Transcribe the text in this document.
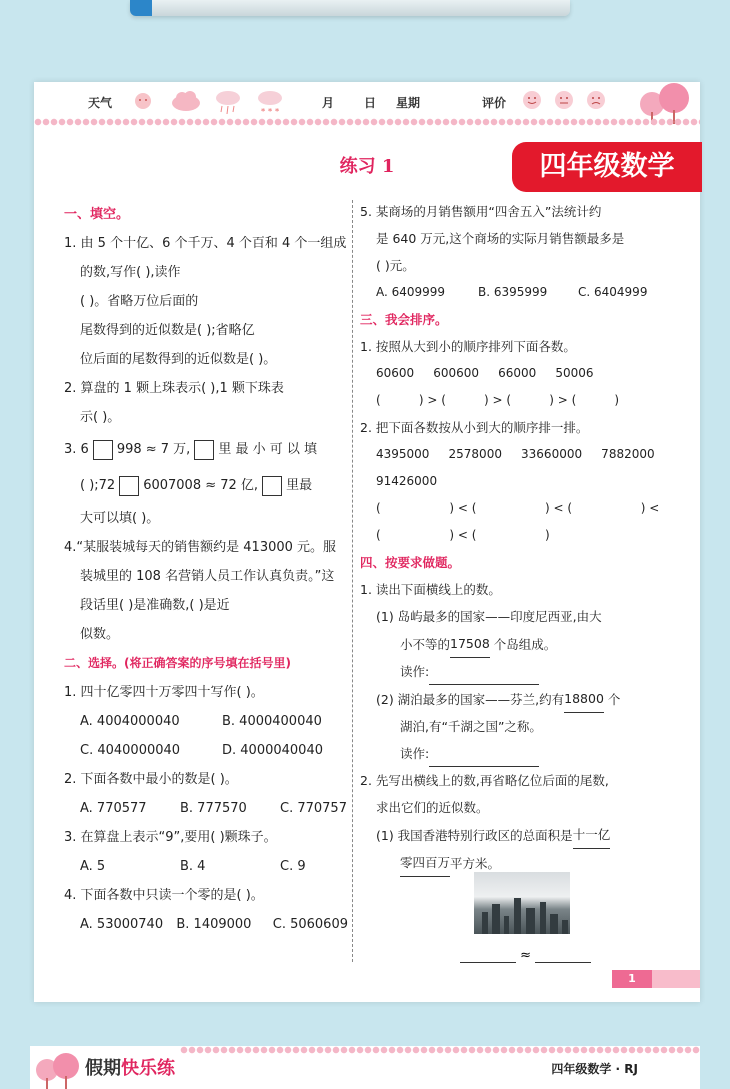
天气
* * *
月 日 星期	评价
练习 1	四年级数学

一、填空。

1. 由 5 个十亿、6 个千万、4 个百和 4 个一组成

的数,写作( ),读作

( )。省略万位后面的

尾数得到的近似数是( );省略亿

位后面的尾数得到的近似数是( )。

2. 算盘的 1 颗上珠表示( ),1 颗下珠表

示( )。

3. 6 998 ≈ 7 万, 里 最 小 可 以 填

( );72 6007008 ≈ 72 亿, 里最

大可以填( )。

4.“某服装城每天的销售额约是 413000 元。服

装城里的 108 名营销人员工作认真负责。”这

段话里( )是准确数,( )是近

似数。

二、选择。(将正确答案的序号填在括号里)

1. 四十亿零四十万零四十写作( )。

A. 4004000040	B. 4000400040
C. 4040000040	D. 4000040040

2. 下面各数中最小的数是( )。

A. 770577	B. 777570	C. 770757

3. 在算盘上表示“9”,要用( )颗珠子。

A. 5	B. 4	C. 9

4. 下面各数中只读一个零的是( )。

A. 53000740	B. 1409000	C. 5060609

5. 某商场的月销售额用“四舍五入”法统计约

是 640 万元,这个商场的实际月销售额最多是

( )元。

A. 6409999	B. 6395999	C. 6404999

三、我会排序。

1. 按照从大到小的顺序排列下面各数。

60600     600600     66000     50006

(          ) > (          ) > (          ) > (          )

2. 把下面各数按从小到大的顺序排一排。

4395000     2578000     33660000     7882000

91426000

(                  ) < (                  ) < (                  ) <

(                  ) < (                  )

四、按要求做题。

1. 读出下面横线上的数。

(1) 岛屿最多的国家——印度尼西亚,由大

小不等的17508 个岛组成。

读作:

(2) 湖泊最多的国家——芬兰,约有18800 个

湖泊,有“千湖之国”之称。

读作:

2. 先写出横线上的数,再省略亿位后面的尾数,

求出它们的近似数。

(1) 我国香港特别行政区的总面积是十一亿

零四百万平方米。

≈
1
假期快乐练	四年级数学 · RJ
